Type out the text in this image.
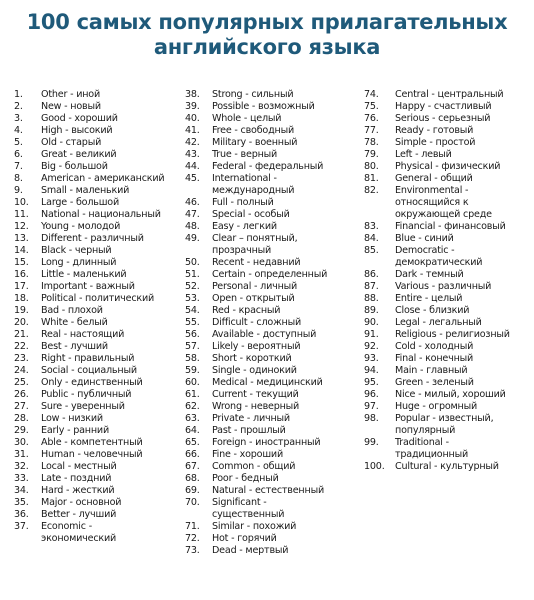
100 самых популярных прилагательных
английского языка
1.	Other - иной
2.	New - новый
3.	Good - хороший
4.	High - высокий
5.	Old - старый
6.	Great - великий
7.	Big - большой
8.	American - американский
9.	Small - маленький
10.	Large - большой
11.	National - национальный
12.	Young - молодой
13.	Different - различный
14.	Black - черный
15.	Long - длинный
16.	Little - маленький
17.	Important - важный
18.	Political - политический
19.	Bad - плохой
20.	White - белый
21.	Real - настоящий
22.	Best - лучший
23.	Right - правильный
24.	Social - социальный
25.	Only - единственный
26.	Public - публичный
27.	Sure - уверенный
28.	Low - низкий
29.	Early - ранний
30.	Able - компетентный
31.	Human - человечный
32.	Local - местный
33.	Late - поздний
34.	Hard - жесткий
35.	Major - основной
36.	Better - лучший
37.	Economic -
экономический
38.	Strong - сильный
39.	Possible - возможный
40.	Whole - целый
41.	Free - свободный
42.	Military - военный
43.	True - верный
44.	Federal - федеральный
45.	International -
международный
46.	Full - полный
47.	Special - особый
48.	Easy - легкий
49.	Clear – понятный,
прозрачный
50.	Recent - недавний
51.	Certain - определенный
52.	Personal - личный
53.	Open - открытый
54.	Red - красный
55.	Difficult - сложный
56.	Available - доступный
57.	Likely - вероятный
58.	Short - короткий
59.	Single - одинокий
60.	Medical - медицинский
61.	Current - текущий
62.	Wrong - неверный
63.	Private - личный
64.	Past - прошлый
65.	Foreign - иностранный
66.	Fine - хороший
67.	Common - общий
68.	Poor - бедный
69.	Natural - естественный
70.	Significant -
существенный
71.	Similar - похожий
72.	Hot - горячий
73.	Dead - мертвый
74.	Central - центральный
75.	Happy - счастливый
76.	Serious - серьезный
77.	Ready - готовый
78.	Simple - простой
79.	Left - левый
80.	Physical - физический
81.	General - общий
82.	Environmental -
относящийся к
окружающей среде
83.	Financial - финансовый
84.	Blue - синий
85.	Democratic -
демократический
86.	Dark - темный
87.	Various - различный
88.	Entire - целый
89.	Close - близкий
90.	Legal - легальный
91.	Religious - религиозный
92.	Cold - холодный
93.	Final - конечный
94.	Main - главный
95.	Green - зеленый
96.	Nice - милый, хороший
97.	Huge - огромный
98.	Popular - известный,
популярный
99.	Traditional -
традиционный
100.	Cultural - культурный
